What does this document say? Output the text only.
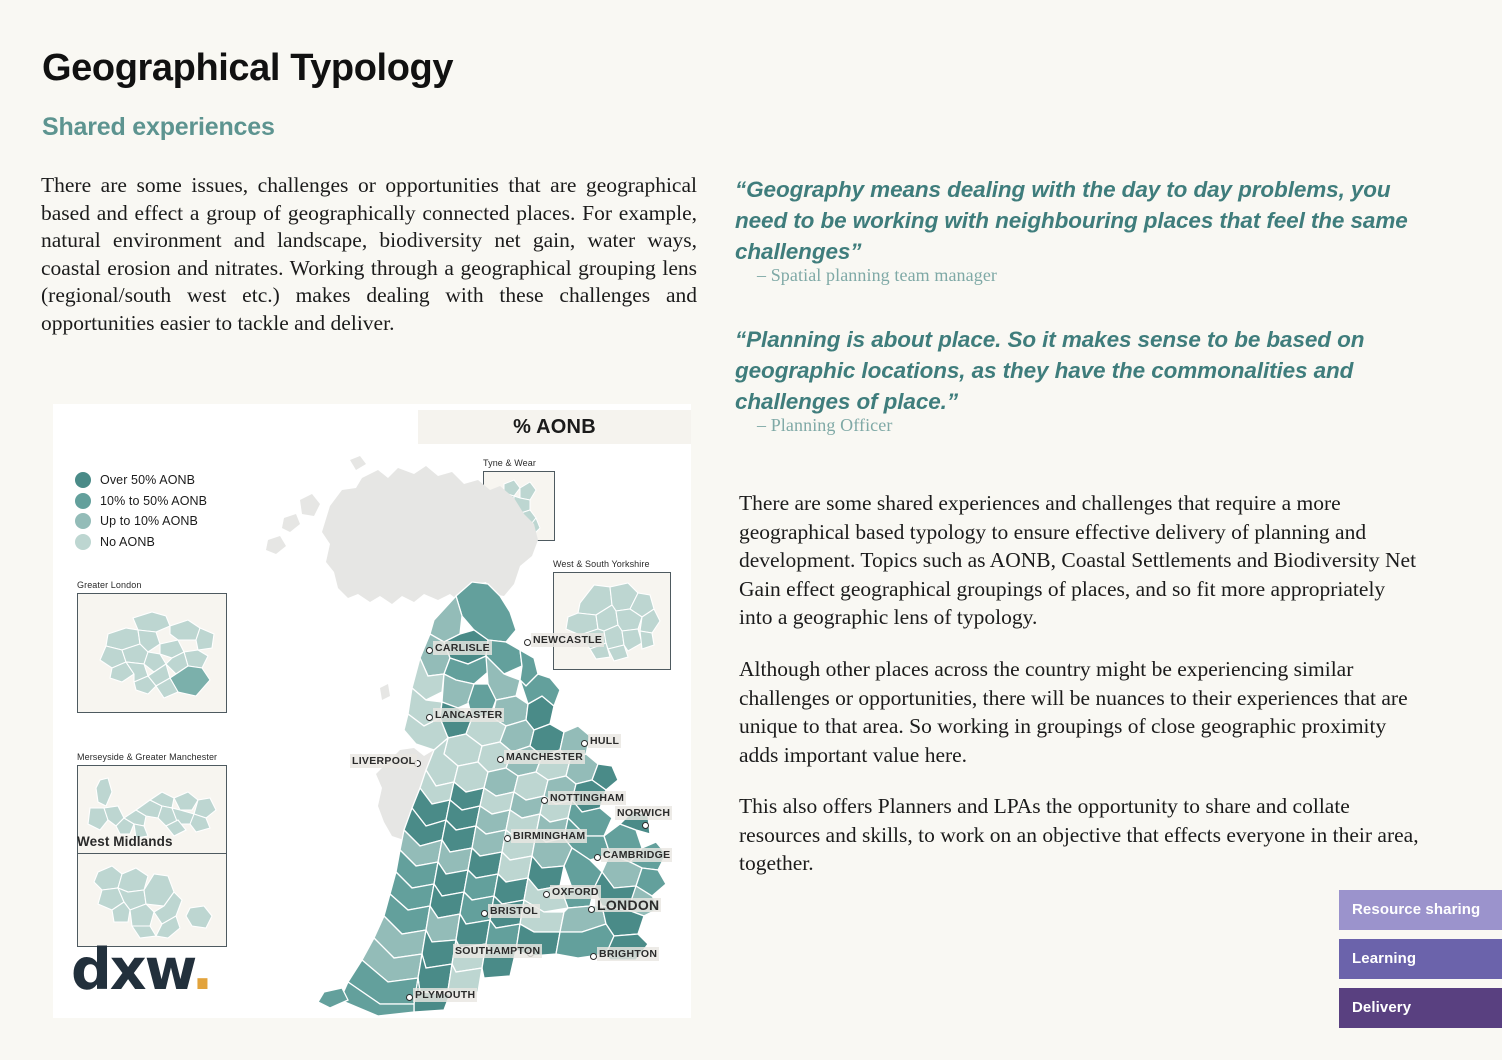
Geographical Typology
Shared experiences
There are some issues, challenges or opportunities that are geographical based and effect a group of geographically connected places. For example, natural environment and landscape, biodiversity net gain, water ways, coastal erosion and nitrates. Working through a geographical grouping lens (regional/south west etc.) makes dealing with these challenges and opportunities easier to tackle and deliver.
% AONB
Over 50% AONB
10% to 50% AONB
Up to 10% AONB
No AONB
Greater London
Merseyside & Greater Manchester
West Midlands
dxw.
Tyne & Wear
West & South Yorkshire
CARLISLE
NEWCASTLE
LANCASTER
HULL
LIVERPOOL	MANCHESTER
NOTTINGHAM
NORWICH
BIRMINGHAM
CAMBRIDGE
OXFORD
LONDON
BRISTOL
SOUTHAMPTON	BRIGHTON
PLYMOUTH
“Geography means dealing with the day to day problems, you need to be working with neighbouring places that feel the same challenges”
– Spatial planning team manager
“Planning is about place. So it makes sense to be based on geographic locations, as they have the commonalities and challenges of place.”
– Planning Officer
There are some shared experiences and challenges that require a more geographical based typology to ensure effective delivery of planning and development. Topics such as AONB, Coastal Settlements and Biodiversity Net Gain effect geographical groupings of places, and so fit more appropriately into a geographic lens of typology.
Although other places across the country might be experiencing similar challenges or opportunities, there will be nuances to their experiences that are unique to that area. So working in groupings of close geographic proximity adds important value here.
This also offers Planners and LPAs the opportunity to share and collate resources and skills, to work on an objective that effects everyone in their area, together.
Resource sharing
Learning
Delivery
